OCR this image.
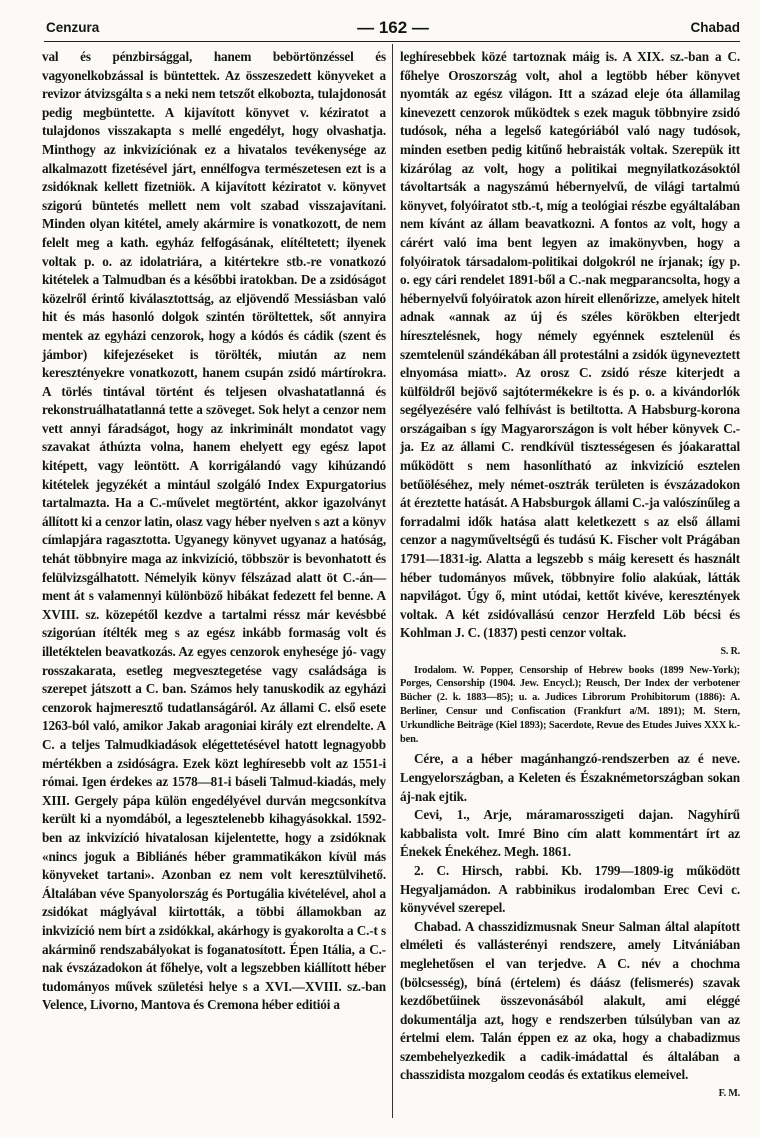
Cenzura	— 162 —	Chabad

val és pénzbirsággal, hanem bebörtönzéssel és vagyonelkobzással is büntettek. Az összeszedett könyveket a revizor átvizsgálta s a neki nem tetszőt elkobozta, tulajdonosát pedig megbüntette. A kijavított könyvet v. kéziratot a tulajdonos visszakapta s mellé engedélyt, hogy olvashatja. Minthogy az inkvizíciónak ez a hivatalos tevékenysége az alkalmazott fizetésével járt, ennélfogva természetesen ezt is a zsidóknak kellett fizetniök. A kijavított kéziratot v. könyvet szigorú büntetés mellett nem volt szabad visszajavítani. Minden olyan kitétel, amely akármire is vonatkozott, de nem felelt meg a kath. egyház felfogásának, elítéltetett; ilyenek voltak p. o. az idolatriára, a kitértekre stb.-re vonatkozó kitételek a Talmudban és a későbbi iratokban. De a zsidóságot közelről érintő kiválasztottság, az eljövendő Messiásban való hit és más hasonló dolgok szintén töröltettek, sőt annyira mentek az egyházi cenzorok, hogy a kódós és cádik (szent és jámbor) kifejezéseket is törölték, miután az nem keresztényekre vonatkozott, hanem csupán zsidó mártírokra. A törlés tintával történt és teljesen olvashatatlanná és rekonstruálhatatlanná tette a szöveget. Sok helyt a cenzor nem vett annyi fáradságot, hogy az inkriminált mondatot vagy szavakat áthúzta volna, hanem ehelyett egy egész lapot kitépett, vagy leöntött. A korrigálandó vagy kihúzandó kitételek jegyzékét a mintául szolgáló Index Expurgatorius tartalmazta. Ha a C.-művelet megtörtént, akkor igazolványt állított ki a cenzor latin, olasz vagy héber nyelven s azt a könyv címlapjára ragasztotta. Ugyanegy könyvet ugyanaz a hatóság, tehát többnyire maga az inkvizíció, többször is bevonhatott és felülvizsgálhatott. Némelyik könyv félszázad alatt öt C.-án—ment át s valamennyi különböző hibákat fedezett fel benne. A XVIII. sz. közepétől kezdve a tartalmi réssz már kevésbbé szigorúan ítélték meg s az egész inkább formaság volt és illetéktelen beavatkozás. Az egyes cenzorok enyhesége jó- vagy rosszakarata, esetleg megvesztegetése vagy családsága is szerepet játszott a C. ban. Számos hely tanuskodik az egyházi cenzorok hajmeresztő tudatlanságáról. Az állami C. első esete 1263-ból való, amikor Jakab aragoniai király ezt elrendelte. A C. a teljes Talmudkiadások elégettetésével hatott legnagyobb mértékben a zsidóságra. Ezek közt leghíresebb volt az 1551-i római. Igen érdekes az 1578—81-i báseli Talmud-kiadás, mely XIII. Gergely pápa külön engedélyével durván megcsonkítva került ki a nyomdából, a legesztelenebb kihagyásokkal. 1592-ben az inkvizíció hivatalosan kijelentette, hogy a zsidóknak «nincs joguk a Bibliánés héber grammatikákon kívül más könyveket tartani». Azonban ez nem volt keresztülvihető. Általában véve Spanyolország és Portugália kivételével, ahol a zsidókat máglyával kiirtották, a többi államokban az inkvizíció nem bírt a zsidókkal, akárhogy is gyakorolta a C.-t s akárminő rendszabályokat is foganatosított. Épen Itália, a C.-nak évszázadokon át főhelye, volt a legszebben kiállított héber tudományos művek születési helye s a XVI.—XVIII. sz.-ban Velence, Livorno, Mantova és Cremona héber editiói a

leghíresebbek közé tartoznak máig is. A XIX. sz.-ban a C. főhelye Oroszország volt, ahol a legtöbb héber könyvet nyomták az egész világon. Itt a század eleje óta államilag kinevezett cenzorok működtek s ezek maguk többnyire zsidó tudósok, néha a legelső kategóriából való nagy tudósok, minden esetben pedig kitűnő hebraisták voltak. Szerepük itt kizárólag az volt, hogy a politikai megnyilatkozásoktól távoltartsák a nagyszámú hébernyelvű, de világi tartalmú könyvet, folyóiratot stb.-t, míg a teológiai részbe egyáltalában nem kívánt az állam beavatkozni. A fontos az volt, hogy a cárért való ima bent legyen az imakönyvben, hogy a folyóiratok társadalom-politikai dolgokról ne írjanak; így p. o. egy cári rendelet 1891-ből a C.-nak megparancsolta, hogy a hébernyelvű folyóiratok azon híreit ellenőrizze, amelyek hitelt adnak «annak az új és széles körökben elterjedt híresztelésnek, hogy némely egyénnek esztelenül és szemtelenül szándékában áll protestálni a zsidók ügyneveztett elnyomása miatt». Az orosz C. zsidó része kiterjedt a külföldről bejövő sajtótermékekre is és p. o. a kivándorlók segélyezésére való felhívást is betiltotta. A Habsburg-korona országaiban s így Magyarországon is volt héber könyvek C.-ja. Ez az állami C. rendkívül tisztességesen és jóakarattal működött s nem hasonlítható az inkvizíció esztelen betűöléséhez, mely német-osztrák területen is évszázadokon át éreztette hatását. A Habsburgok állami C.-ja valószínűleg a forradalmi idők hatása alatt keletkezett s az első állami cenzor a nagyműveltségű és tudású K. Fischer volt Prágában 1791—1831-ig. Alatta a legszebb s máig keresett és használt héber tudományos művek, többnyire folio alakúak, látták napvilágot. Úgy ő, mint utódai, kettőt kivéve, keresztények voltak. A két zsidóvallású cenzor Herzfeld Löb bécsi és Kohlman J. C. (1837) pesti cenzor voltak.

S. R.

Irodalom. W. Popper, Censorship of Hebrew books (1899 New-York); Porges, Censorship (1904. Jew. Encycl.); Reusch, Der Index der verbotener Bücher (2. k. 1883—85); u. a. Judices Librorum Prohibitorum (1886): A. Berliner, Censur und Confiscation (Frankfurt a/M. 1891); M. Stern, Urkundliche Beiträge (Kiel 1893); Sacerdote, Revue des Etudes Juives XXX k.-ben.

Cére, a a héber magánhangzó-rendszerben az é neve. Lengyelországban, a Keleten és Északnémetországban sokan áj-nak ejtik.

Cevi, 1., Arje, máramarosszigeti dajan. Nagyhírű kabbalista volt. Imré Bino cím alatt kommentárt írt az Énekek Énekéhez. Megh. 1861.

2. C. Hirsch, rabbi. Kb. 1799—1809-ig működött Hegyaljamádon. A rabbinikus irodalomban Erec Cevi c. könyvével szerepel.

Chabad. A chasszidizmusnak Sneur Salman által alapított elméleti és vallásterényi rendszere, amely Litvániában meglehetősen el van terjedve. A C. név a chochma (bölcsesség), bíná (értelem) és dáász (felismerés) szavak kezdőbetűinek összevonásából alakult, ami eléggé dokumentálja azt, hogy e rendszerben túlsúlyban van az értelmi elem. Talán éppen ez az oka, hogy a chabadizmus szembehelyezkedik a cadik-imádattal és általában a chasszidista mozgalom ceodás és extatikus elemeivel.

F. M.
